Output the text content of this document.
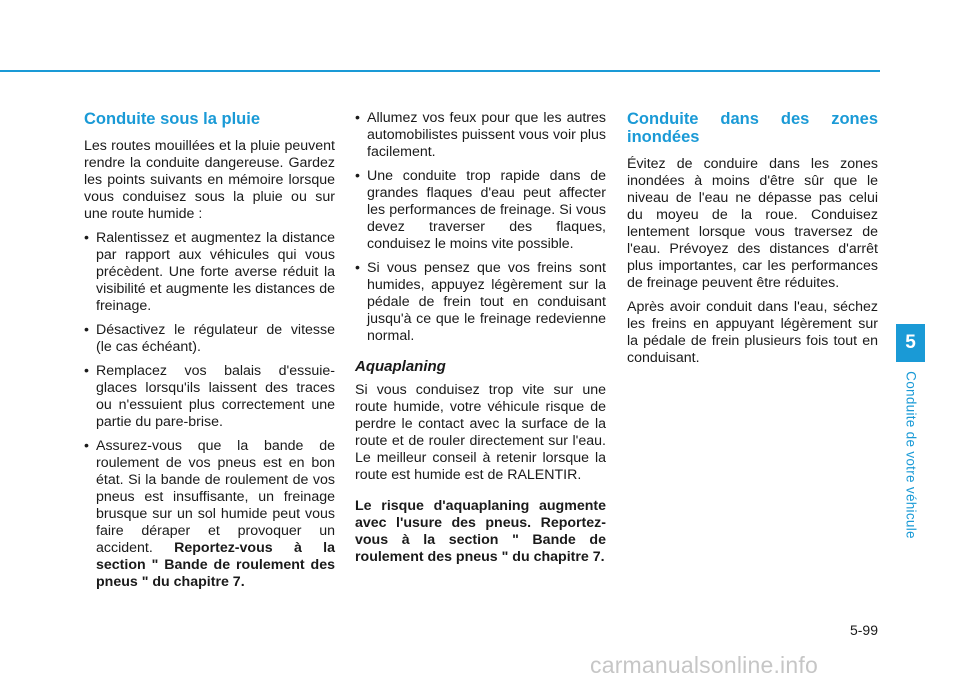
Conduite sous la pluie

Les routes mouillées et la pluie peuvent rendre la conduite dangereuse. Gardez les points suivants en mémoire lorsque vous conduisez sous la pluie ou sur une route humide :

• Ralentissez et augmentez la distance par rapport aux véhicules qui vous précèdent. Une forte averse réduit la visibilité et augmente les distances de freinage.
• Désactivez le régulateur de vitesse (le cas échéant).
• Remplacez vos balais d'essuie-glaces lorsqu'ils laissent des traces ou n'essuient plus correctement une partie du pare-brise.
• Assurez-vous que la bande de roulement de vos pneus est en bon état. Si la bande de roulement de vos pneus est insuffisante, un freinage brusque sur un sol humide peut vous faire déraper et provoquer un accident. Reportez-vous à la section " Bande de roulement des pneus " du chapitre 7.
• Allumez vos feux pour que les autres automobilistes puissent vous voir plus facilement.
• Une conduite trop rapide dans de grandes flaques d'eau peut affecter les performances de freinage. Si vous devez traverser des flaques, conduisez le moins vite possible.
• Si vous pensez que vos freins sont humides, appuyez légèrement sur la pédale de frein tout en conduisant jusqu'à ce que le freinage redevienne normal.
Aquaplaning

Si vous conduisez trop vite sur une route humide, votre véhicule risque de perdre le contact avec la surface de la route et de rouler directement sur l'eau. Le meilleur conseil à retenir lorsque la route est humide est de RALENTIR.

Le risque d'aquaplaning augmente avec l'usure des pneus. Reportez-vous à la section " Bande de roulement des pneus " du chapitre 7.

Conduite dans des zones inondées

Évitez de conduire dans les zones inondées à moins d'être sûr que le niveau de l'eau ne dépasse pas celui du moyeu de la roue. Conduisez lentement lorsque vous traversez de l'eau. Prévoyez des distances d'arrêt plus importantes, car les performances de freinage peuvent être réduites.

Après avoir conduit dans l'eau, séchez les freins en appuyant légèrement sur la pédale de frein plusieurs fois tout en conduisant.

5
Conduite de votre véhicule
5-99
carmanualsonline.info
